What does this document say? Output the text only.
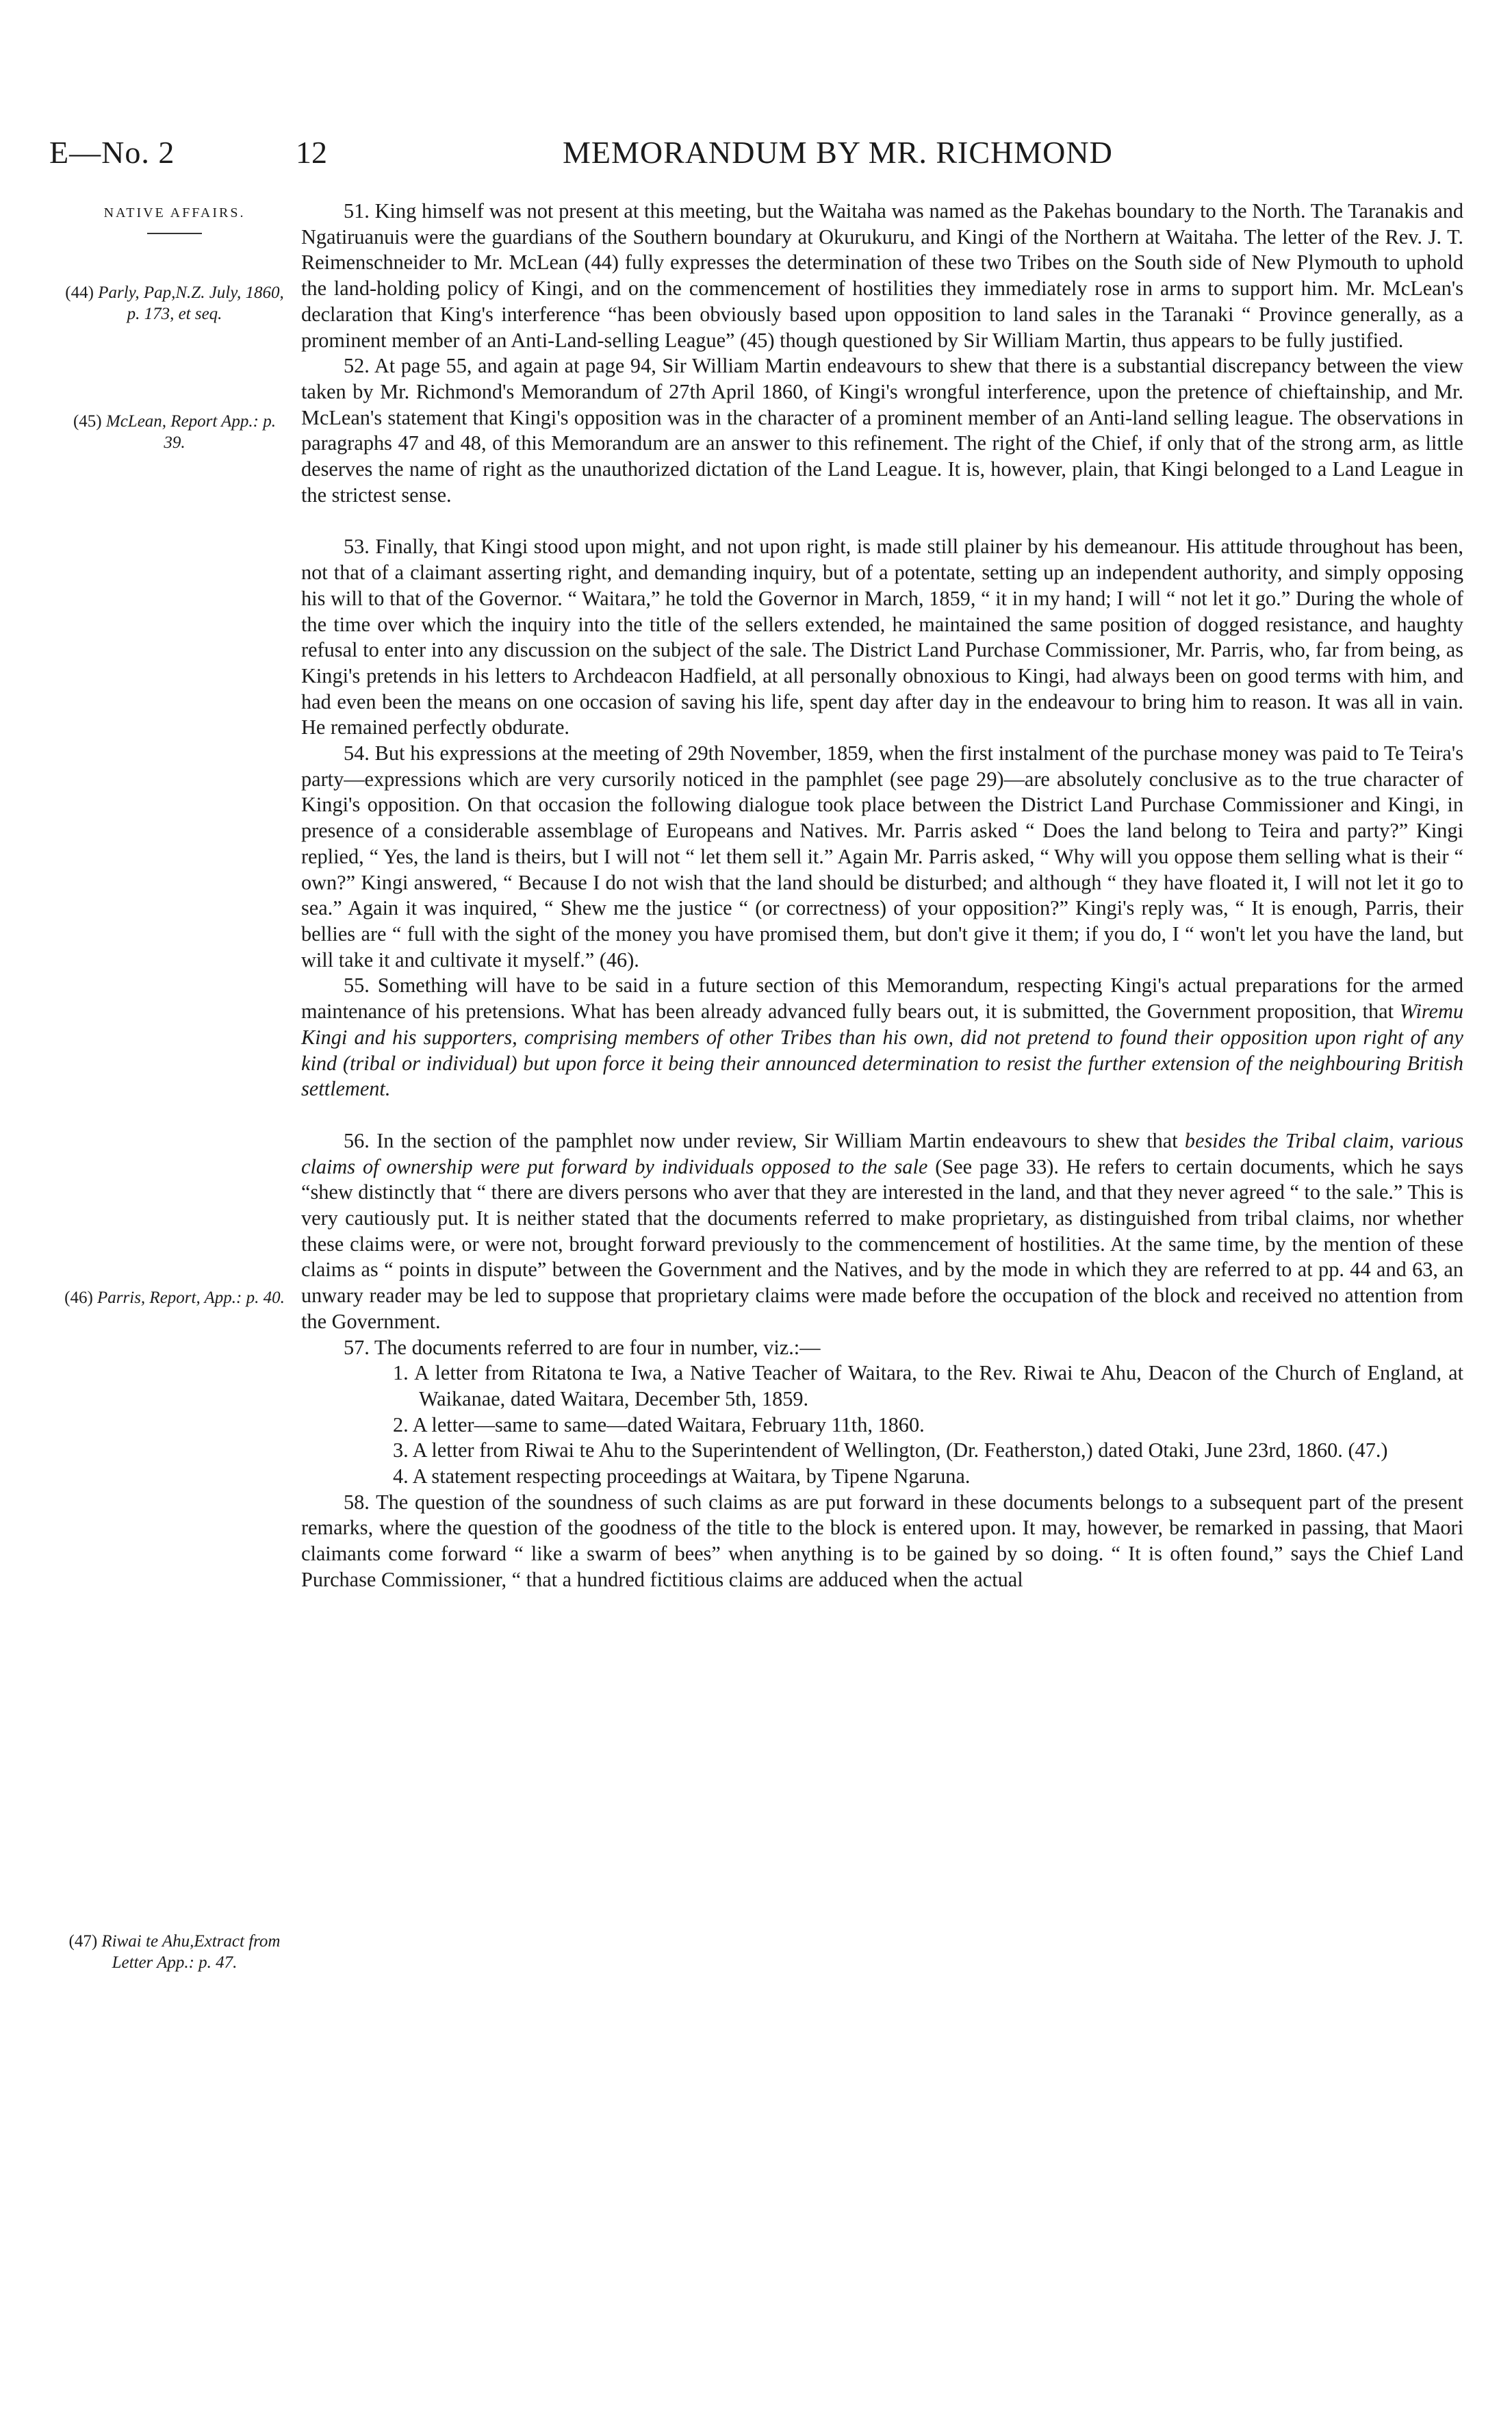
E—No. 2	12	MEMORANDUM BY MR. RICHMOND
NATIVE AFFAIRS.
(44) Parly, Pap,N.Z. July, 1860, p. 173, et seq.
(45) McLean, Report App.: p. 39.
(46) Parris, Report, App.: p. 40.
(47) Riwai te Ahu,Extract from Letter App.: p. 47.

51. King himself was not present at this meeting, but the Waitaha was named as the Pakehas boundary to the North. The Taranakis and Ngatiruanuis were the guardians of the Southern boundary at Okurukuru, and Kingi of the Northern at Waitaha. The letter of the Rev. J. T. Reimenschneider to Mr. McLean (44) fully expresses the determination of these two Tribes on the South side of New Plymouth to uphold the land-holding policy of Kingi, and on the commencement of hostilities they immediately rose in arms to support him. Mr. McLean's declaration that King's interference “has been obviously based upon opposition to land sales in the Taranaki “ Province generally, as a prominent member of an Anti-Land-selling League” (45) though questioned by Sir William Martin, thus appears to be fully justified.

52. At page 55, and again at page 94, Sir William Martin endeavours to shew that there is a substantial discrepancy between the view taken by Mr. Richmond's Memorandum of 27th April 1860, of Kingi's wrongful interference, upon the pretence of chieftainship, and Mr. McLean's statement that Kingi's opposition was in the character of a prominent member of an Anti-land selling league. The observations in paragraphs 47 and 48, of this Memorandum are an answer to this refinement. The right of the Chief, if only that of the strong arm, as little deserves the name of right as the unauthorized dictation of the Land League. It is, however, plain, that Kingi belonged to a Land League in the strictest sense.

53. Finally, that Kingi stood upon might, and not upon right, is made still plainer by his demeanour. His attitude throughout has been, not that of a claimant asserting right, and demanding inquiry, but of a potentate, setting up an independent authority, and simply opposing his will to that of the Governor. “ Waitara,” he told the Governor in March, 1859, “ it in my hand; I will “ not let it go.” During the whole of the time over which the inquiry into the title of the sellers extended, he maintained the same position of dogged resistance, and haughty refusal to enter into any discussion on the subject of the sale. The District Land Purchase Commissioner, Mr. Parris, who, far from being, as Kingi's pretends in his letters to Archdeacon Hadfield, at all personally obnoxious to Kingi, had always been on good terms with him, and had even been the means on one occasion of saving his life, spent day after day in the endeavour to bring him to reason. It was all in vain. He remained perfectly obdurate.

54. But his expressions at the meeting of 29th November, 1859, when the first instalment of the purchase money was paid to Te Teira's party—expressions which are very cursorily noticed in the pamphlet (see page 29)—are absolutely conclusive as to the true character of Kingi's opposition. On that occasion the following dialogue took place between the District Land Purchase Commissioner and Kingi, in presence of a considerable assemblage of Europeans and Natives. Mr. Parris asked “ Does the land belong to Teira and party?” Kingi replied, “ Yes, the land is theirs, but I will not “ let them sell it.” Again Mr. Parris asked, “ Why will you oppose them selling what is their “ own?” Kingi answered, “ Because I do not wish that the land should be disturbed; and although “ they have floated it, I will not let it go to sea.” Again it was inquired, “ Shew me the justice “ (or correctness) of your opposition?” Kingi's reply was, “ It is enough, Parris, their bellies are “ full with the sight of the money you have promised them, but don't give it them; if you do, I “ won't let you have the land, but will take it and cultivate it myself.” (46).

55. Something will have to be said in a future section of this Memorandum, respecting Kingi's actual preparations for the armed maintenance of his pretensions. What has been already advanced fully bears out, it is submitted, the Government proposition, that Wiremu Kingi and his supporters, comprising members of other Tribes than his own, did not pretend to found their opposition upon right of any kind (tribal or individual) but upon force it being their announced determination to resist the further extension of the neighbouring British settlement.

56. In the section of the pamphlet now under review, Sir William Martin endeavours to shew that besides the Tribal claim, various claims of ownership were put forward by individuals opposed to the sale (See page 33). He refers to certain documents, which he says “shew distinctly that “ there are divers persons who aver that they are interested in the land, and that they never agreed “ to the sale.” This is very cautiously put. It is neither stated that the documents referred to make proprietary, as distinguished from tribal claims, nor whether these claims were, or were not, brought forward previously to the commencement of hostilities. At the same time, by the mention of these claims as “ points in dispute” between the Government and the Natives, and by the mode in which they are referred to at pp. 44 and 63, an unwary reader may be led to suppose that proprietary claims were made before the occupation of the block and received no attention from the Government.

57. The documents referred to are four in number, viz.:—

1. A letter from Ritatona te Iwa, a Native Teacher of Waitara, to the Rev. Riwai te Ahu, Deacon of the Church of England, at Waikanae, dated Waitara, December 5th, 1859.
2. A letter—same to same—dated Waitara, February 11th, 1860.
3. A letter from Riwai te Ahu to the Superintendent of Wellington, (Dr. Featherston,) dated Otaki, June 23rd, 1860. (47.)
4. A statement respecting proceedings at Waitara, by Tipene Ngaruna.

58. The question of the soundness of such claims as are put forward in these documents belongs to a subsequent part of the present remarks, where the question of the goodness of the title to the block is entered upon. It may, however, be remarked in passing, that Maori claimants come forward “ like a swarm of bees” when anything is to be gained by so doing. “ It is often found,” says the Chief Land Purchase Commissioner, “ that a hundred fictitious claims are adduced when the actual
